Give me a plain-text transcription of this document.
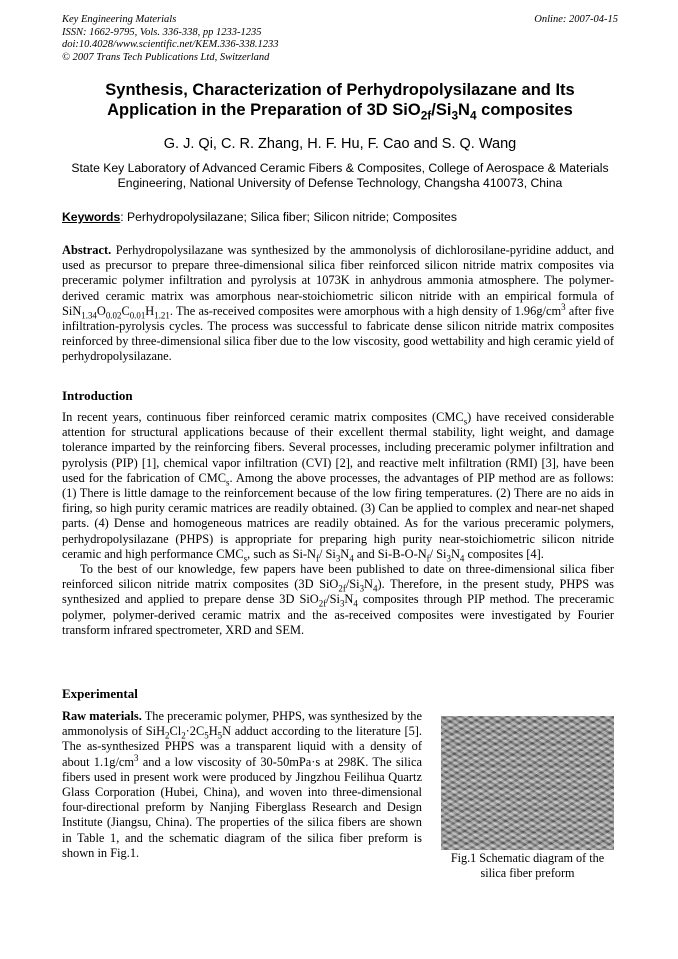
Key Engineering Materials
ISSN: 1662-9795, Vols. 336-338, pp 1233-1235
doi:10.4028/www.scientific.net/KEM.336-338.1233
© 2007 Trans Tech Publications Ltd, Switzerland
Online: 2007-04-15
Synthesis, Characterization of Perhydropolysilazane and Its
Application in the Preparation of 3D $SiO_{2f}/Si_3N_4$ composites
G. J. Qi, C. R. Zhang, H. F. Hu, F. Cao and S. Q. Wang
State Key Laboratory of Advanced Ceramic Fibers & Composites, College of Aerospace & Materials
Engineering, National University of Defense Technology, Changsha 410073, China
Keywords: Perhydropolysilazane; Silica fiber; Silicon nitride; Composites
Abstract. Perhydropolysilazane was synthesized by the ammonolysis of dichlorosilane-pyridine adduct, and used as precursor to prepare three-dimensional silica fiber reinforced silicon nitride matrix composites via preceramic polymer infiltration and pyrolysis at 1073K in anhydrous ammonia atmosphere. The polymer-derived ceramic matrix was amorphous near-stoichiometric silicon nitride with an empirical formula of $SiN_{1.34}O_{0.02}C_{0.01}H_{1.21}$. The as-received composites were amorphous with a high density of $1.96g/cm^3$ after five infiltration-pyrolysis cycles. The process was successful to fabricate dense silicon nitride matrix composites reinforced by three-dimensional silica fiber due to the low viscosity, good wettability and high ceramic yield of perhydropolysilazane.
Introduction

In recent years, continuous fiber reinforced ceramic matrix composites $(CMC_s)$ have received considerable attention for structural applications because of their excellent thermal stability, light weight, and damage tolerance imparted by the reinforcing fibers. Several processes, including preceramic polymer infiltration and pyrolysis (PIP) [1], chemical vapor infiltration (CVI) [2], and reactive melt infiltration (RMI) [3], have been used for the fabrication of $CMC_s$. Among the above processes, the advantages of PIP method are as follows: (1) There is little damage to the reinforcement because of the low firing temperatures. (2) There are no aids in firing, so high purity ceramic matrices are readily obtained. (3) Can be applied to complex and near-net shaped parts. (4) Dense and homogeneous matrices are readily obtained. As for the various preceramic polymers, perhydropolysilazane (PHPS) is appropriate for preparing high purity near-stoichiometric silicon nitride ceramic and high performance $CMC_s$, such as $Si-N_f/$ $Si_3N_4$ and $Si-B-O-N_f/$ $Si_3N_4$ composites [4].

To the best of our knowledge, few papers have been published to date on three-dimensional silica fiber reinforced silicon nitride matrix composites (3D $SiO_{2f}/Si_3N_4$). Therefore, in the present study, PHPS was synthesized and applied to prepare dense 3D $SiO_{2f}/Si_3N_4$ composites through PIP method. The preceramic polymer, polymer-derived ceramic matrix and the as-received composites were investigated by Fourier transform infrared spectrometer, XRD and SEM.

Experimental
Raw materials. The preceramic polymer, PHPS, was synthesized by the ammonolysis of $SiH_2Cl_2\cdot 2C_5H_5N$ adduct according to the literature [5]. The as-synthesized PHPS was a transparent liquid with a density of about $1.1g/cm^3$ and a low viscosity of 30-50mPa·s at 298K. The silica fibers used in present work were produced by Jingzhou Feilihua Quartz Glass Corporation (Hubei, China), and woven into three-dimensional four-directional preform by Nanjing Fiberglass Research and Design Institute (Jiangsu, China). The properties of the silica fibers are shown in Table 1, and the schematic diagram of the silica fiber preform is shown in Fig.1.	Fig.1 Schematic diagram of the
silica fiber preform
